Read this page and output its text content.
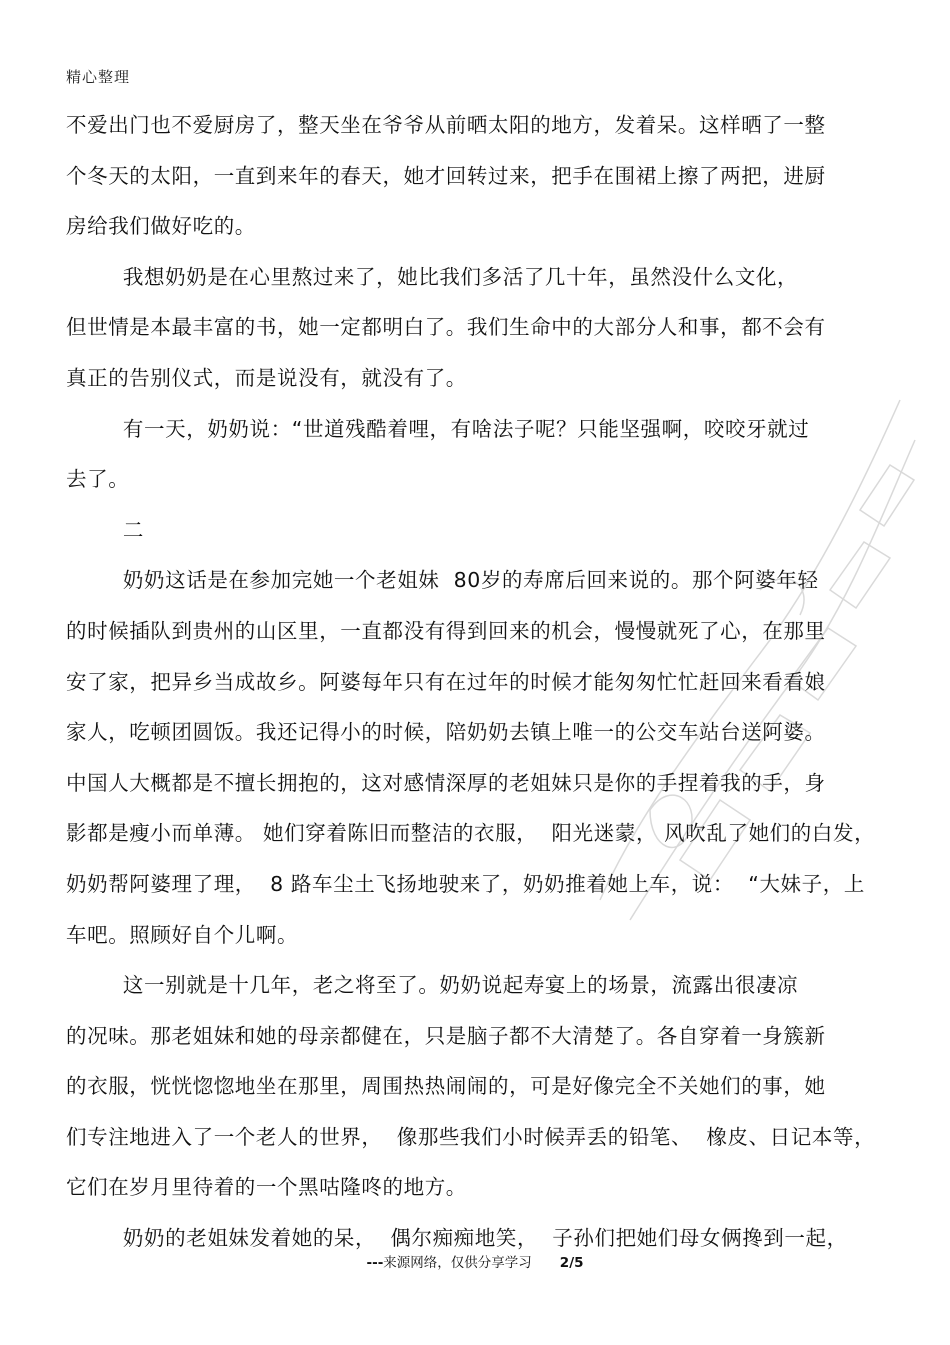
精心整理
不爱出门也不爱厨房了，整天坐在爷爷从前晒太阳的地方，发着呆。这样晒了一整
个冬天的太阳，一直到来年的春天，她才回转过来，把手在围裙上擦了两把，进厨
房给我们做好吃的。
我想奶奶是在心里熬过来了，她比我们多活了几十年，虽然没什么文化，
但世情是本最丰富的书，她一定都明白了。我们生命中的大部分人和事，都不会有
真正的告别仪式，而是说没有，就没有了。
有一天，奶奶说：“世道残酷着哩，有啥法子呢？只能坚强啊，咬咬牙就过
去了。
二
奶奶这话是在参加完她一个老姐妹  80岁的寿席后回来说的。那个阿婆年轻
的时候插队到贵州的山区里，一直都没有得到回来的机会，慢慢就死了心，在那里
安了家，把异乡当成故乡。阿婆每年只有在过年的时候才能匆匆忙忙赶回来看看娘
家人，吃顿团圆饭。我还记得小的时候，陪奶奶去镇上唯一的公交车站台送阿婆。
中国人大概都是不擅长拥抱的，这对感情深厚的老姐妹只是你的手捏着我的手，身
影都是瘦小而单薄。 她们穿着陈旧而整洁的衣服，  阳光迷蒙， 风吹乱了她们的白发，
奶奶帮阿婆理了理，  8 路车尘土飞扬地驶来了，奶奶推着她上车，说：  “大妹子，上
车吧。照顾好自个儿啊。
这一别就是十几年，老之将至了。奶奶说起寿宴上的场景，流露出很凄凉
的况味。那老姐妹和她的母亲都健在，只是脑子都不大清楚了。各自穿着一身簇新
的衣服，恍恍惚惚地坐在那里，周围热热闹闹的，可是好像完全不关她们的事，她
们专注地进入了一个老人的世界，  像那些我们小时候弄丢的铅笔、  橡皮、日记本等，
它们在岁月里待着的一个黑咕隆咚的地方。
奶奶的老姐妹发着她的呆，  偶尔痴痴地笑，  子孙们把她们母女俩搀到一起，
---来源网络，仅供分享学习 2/5
